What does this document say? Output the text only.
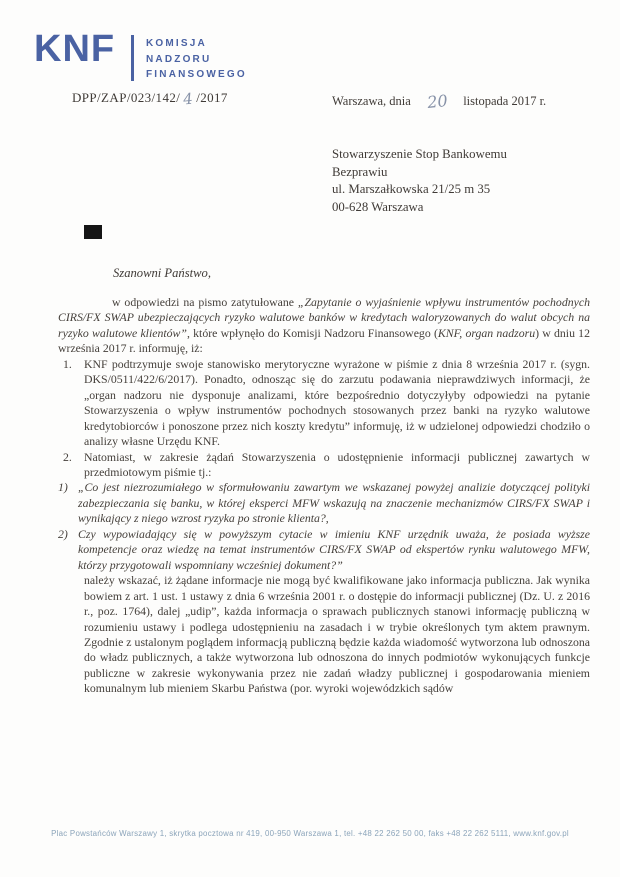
KNF	KOMISJA
NADZORU
FINANSOWEGO
DPP/ZAP/023/142/ 4 /2017	Warszawa, dnia 20 listopada 2017 r.
Stowarzyszenie Stop Bankowemu
Bezprawiu
ul. Marszałkowska 21/25 m 35
00-628 Warszawa
Szanowni Państwo,

w odpowiedzi na pismo zatytułowane „Zapytanie o wyjaśnienie wpływu instrumentów pochodnych CIRS/FX SWAP ubezpieczających ryzyko walutowe banków w kredytach waloryzowanych do walut obcych na ryzyko walutowe klientów”, które wpłynęło do Komisji Nadzoru Finansowego (KNF, organ nadzoru) w dniu 12 września 2017 r. informuję, iż:

1. KNF podtrzymuje swoje stanowisko merytoryczne wyrażone w piśmie z dnia 8 września 2017 r. (sygn. DKS/0511/422/6/2017). Ponadto, odnosząc się do zarzutu podawania nieprawdziwych informacji, że „organ nadzoru nie dysponuje analizami, które bezpośrednio dotyczyłyby odpowiedzi na pytanie Stowarzyszenia o wpływ instrumentów pochodnych stosowanych przez banki na ryzyko walutowe kredytobiorców i ponoszone przez nich koszty kredytu” informuję, iż w udzielonej odpowiedzi chodziło o analizy własne Urzędu KNF.
2. Natomiast, w zakresie żądań Stowarzyszenia o udostępnienie informacji publicznej zawartych w przedmiotowym piśmie tj.:
1) „Co jest niezrozumiałego w sformułowaniu zawartym we wskazanej powyżej analizie dotyczącej polityki zabezpieczania się banku, w której eksperci MFW wskazują na znaczenie mechanizmów CIRS/FX SWAP i wynikający z niego wzrost ryzyka po stronie klienta?,
2) Czy wypowiadający się w powyższym cytacie w imieniu KNF urzędnik uważa, że posiada wyższe kompetencje oraz wiedzę na temat instrumentów CIRS/FX SWAP od ekspertów rynku walutowego MFW, którzy przygotowali wspomniany wcześniej dokument?”
należy wskazać, iż żądane informacje nie mogą być kwalifikowane jako informacja publiczna. Jak wynika bowiem z art. 1 ust. 1 ustawy z dnia 6 września 2001 r. o dostępie do informacji publicznej (Dz. U. z 2016 r., poz. 1764), dalej „udip”, każda informacja o sprawach publicznych stanowi informację publiczną w rozumieniu ustawy i podlega udostępnieniu na zasadach i w trybie określonych tym aktem prawnym. Zgodnie z ustalonym poglądem informacją publiczną będzie każda wiadomość wytworzona lub odnoszona do władz publicznych, a także wytworzona lub odnoszona do innych podmiotów wykonujących funkcje publiczne w zakresie wykonywania przez nie zadań władzy publicznej i gospodarowania mieniem komunalnym lub mieniem Skarbu Państwa (por. wyroki wojewódzkich sądów
Plac Powstańców Warszawy 1, skrytka pocztowa nr 419, 00-950 Warszawa 1, tel. +48 22 262 50 00, faks +48 22 262 5111, www.knf.gov.pl
